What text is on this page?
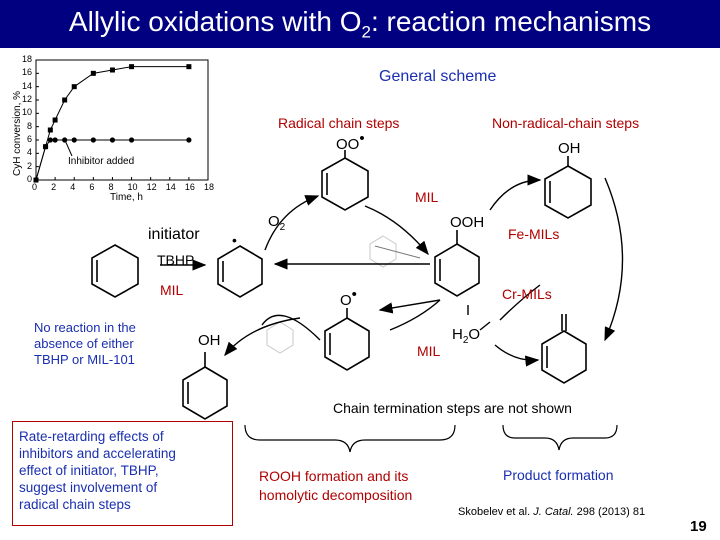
Allylic oxidations with $O_2$: reaction mechanisms
CyH conversion, %
Time, h
Inhibitor added
0 2 4 6 8 10 12 14 16 18
0
2
4
6
8
10
12
14
16
18
General scheme
Radical chain steps	Non-radical-chain steps
OO•
OH
MIL
$O_2$
initiator •
TBHP
MIL
OOH
Fe-MILs
O•	Cr-MILs
MIL
$H_2O$
OH
No reaction in the
absence of either
TBHP or MIL-101
Chain termination steps are not shown
Rate-retarding effects of
inhibitors and accelerating
effect of initiator, TBHP,
suggest involvement of
radical chain steps
ROOH formation and its
homolytic decomposition
Product formation
Skobelev et al. J. Catal. 298 (2013) 81
19
